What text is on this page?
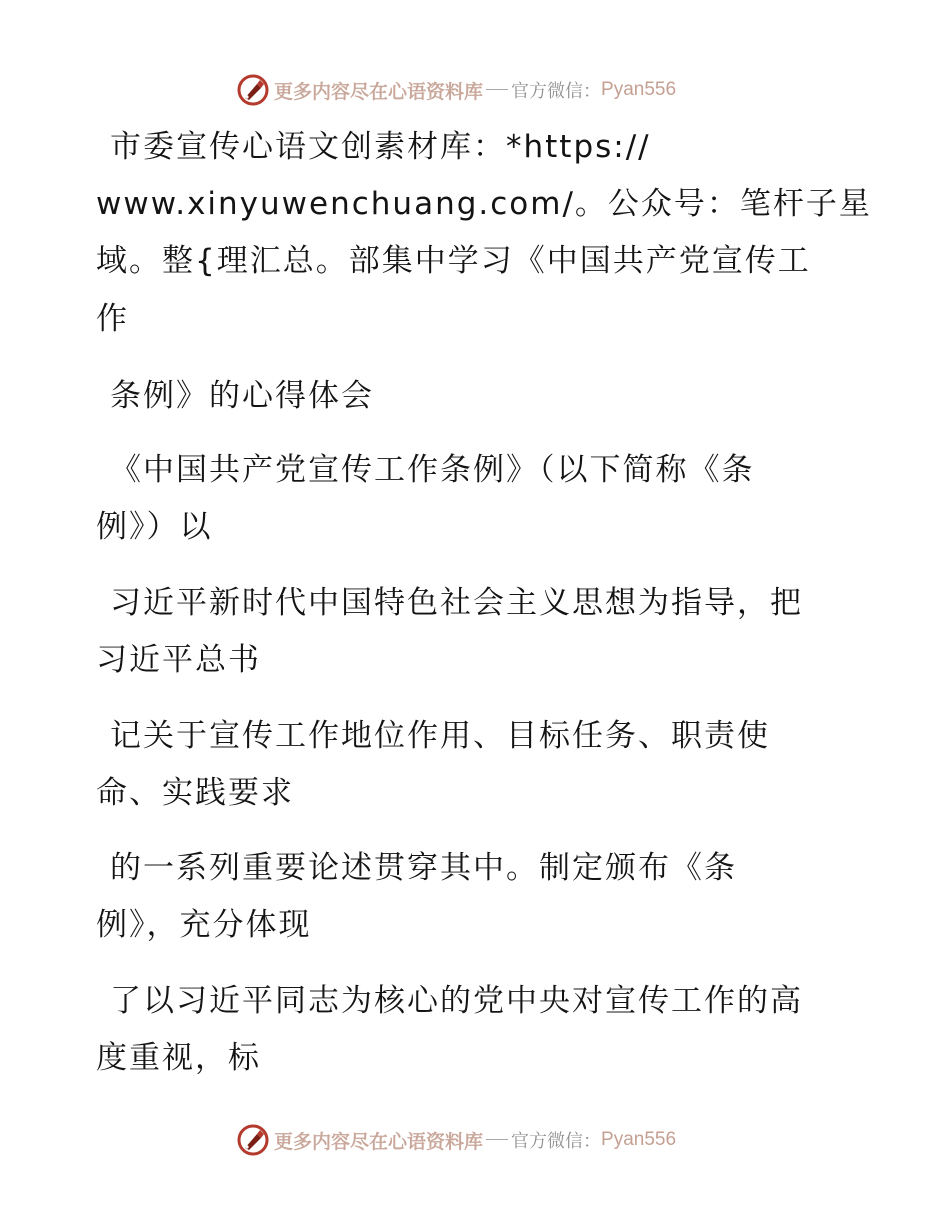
更多内容尽在心语资料库 官方微信： Pyan556
市委宣传心语文创素材库：*https://
www.xinyuwenchuang.com/。公众号：笔杆子星
域。整{理汇总。部集中学习《中国共产党宣传工
作
条例》的心得体会
《中国共产党宣传工作条例》（以下简称《条
例》）以
习近平新时代中国特色社会主义思想为指导，把
习近平总书
记关于宣传工作地位作用、目标任务、职责使
命、实践要求
的一系列重要论述贯穿其中。制定颁布《条
例》，充分体现
了以习近平同志为核心的党中央对宣传工作的高
度重视，标
更多内容尽在心语资料库 官方微信： Pyan556
